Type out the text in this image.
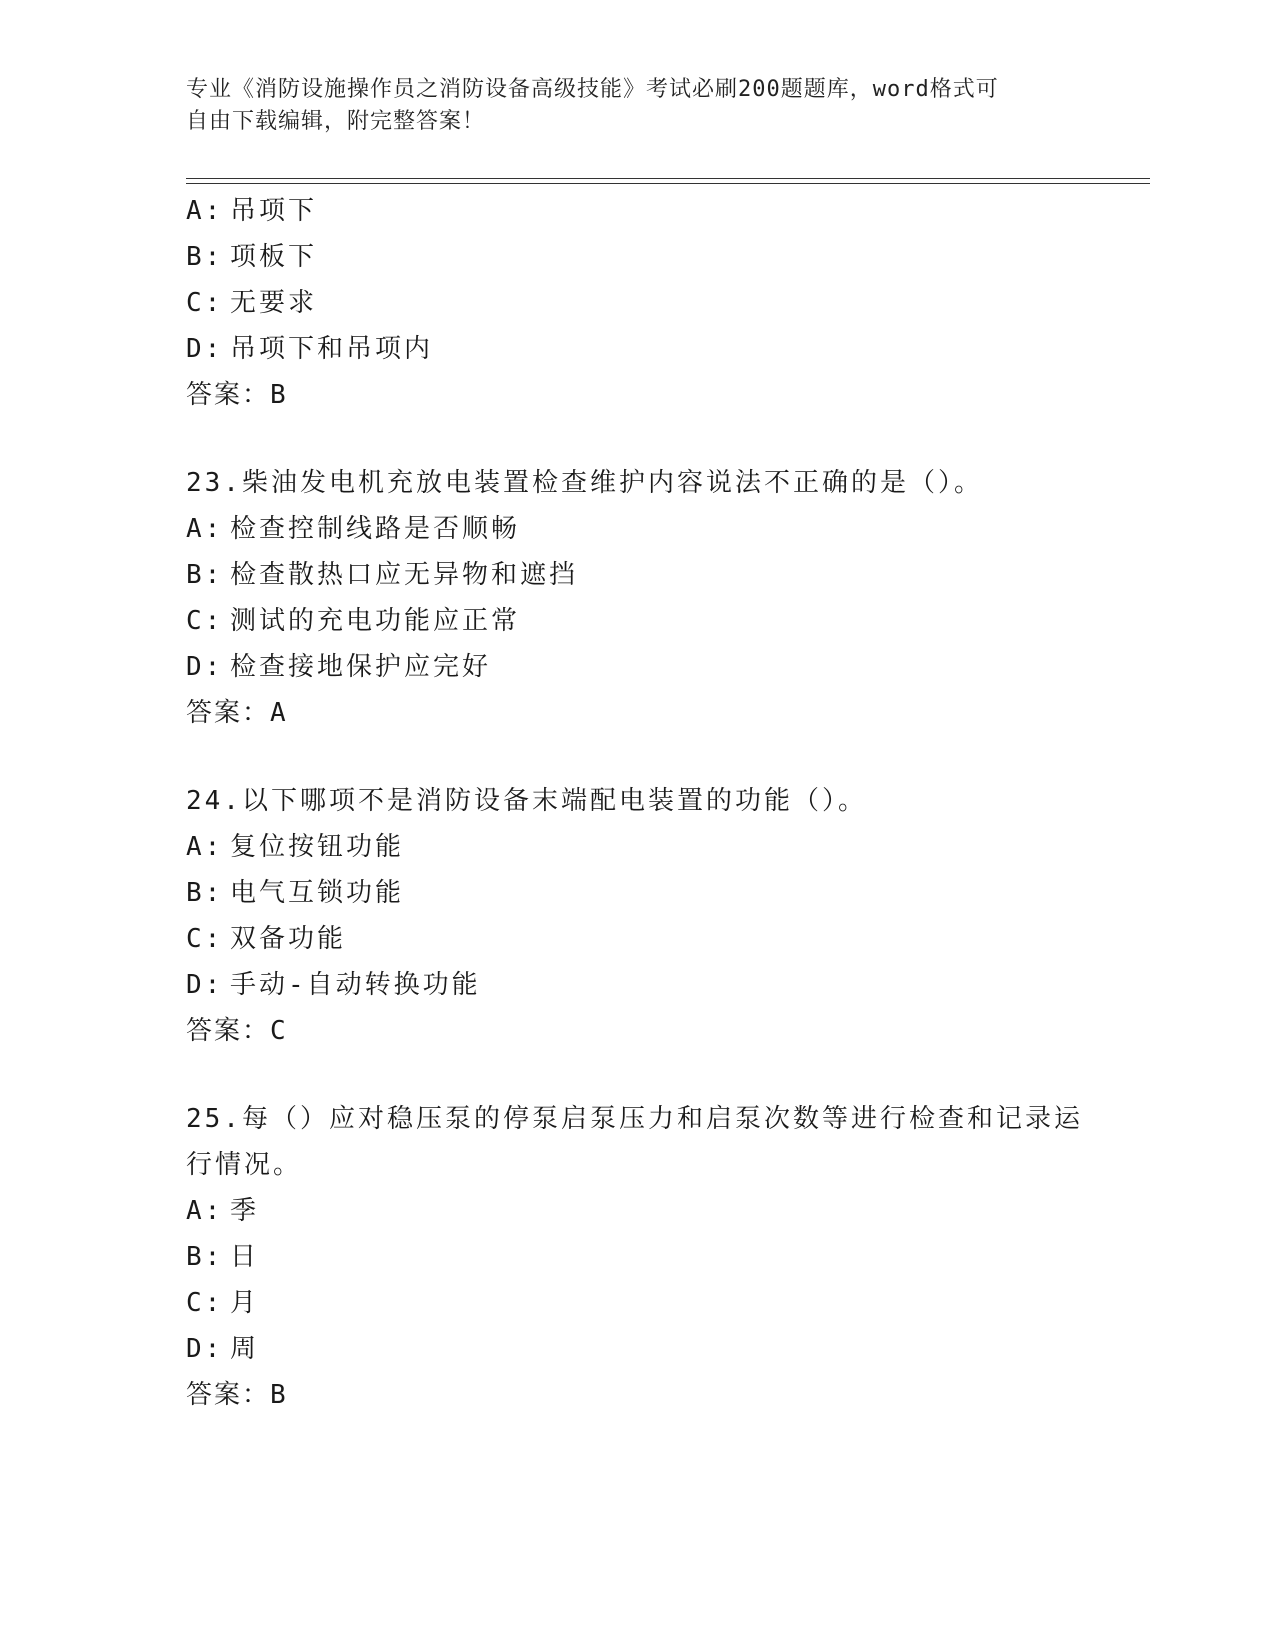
专业《消防设施操作员之消防设备高级技能》考试必刷200题题库，word格式可
自由下载编辑，附完整答案！
A: 吊项下
B: 项板下
C: 无要求
D: 吊项下和吊项内
答案：B
23.柴油发电机充放电装置检查维护内容说法不正确的是（）。
A: 检查控制线路是否顺畅
B: 检查散热口应无异物和遮挡
C: 测试的充电功能应正常
D: 检查接地保护应完好
答案：A
24.以下哪项不是消防设备末端配电装置的功能（）。
A: 复位按钮功能
B: 电气互锁功能
C: 双备功能
D: 手动-自动转换功能
答案：C
25.每（）应对稳压泵的停泵启泵压力和启泵次数等进行检查和记录运
行情况。
A: 季
B: 日
C: 月
D: 周
答案：B
